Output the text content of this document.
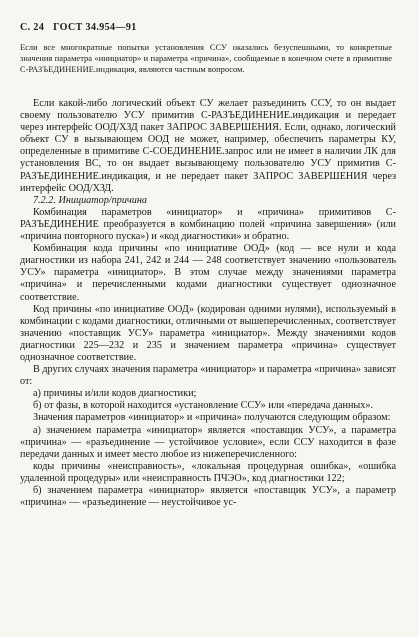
С. 24 ГОСТ 34.954—91

Если все многократные попытки установления ССУ оказались безуспешными, то конкретные значения параметра «инициатор» и параметра «причина», сообщаемые в конечном счете в примитиве С-РАЗЪЕДИНЕНИЕ.индикация, являются частным вопросом.

Если какой-либо логический объект СУ желает разъединить ССУ, то он выдает своему пользователю УСУ примитив С-РАЗЪЕДИНЕНИЕ.индикация и передает через интерфейс ООД/ХЗД пакет ЗАПРОС ЗАВЕРШЕНИЯ. Если, однако, логический объект СУ в вызывающем ООД не может, например, обеспечить параметры КУ, определенные в примитиве С-СОЕДИНЕНИЕ.запрос или не имеет в наличии ЛК для установления ВС, то он выдает вызывающему пользователю УСУ примитив С-РАЗЪЕДИНЕНИЕ.индикация, и не передает пакет ЗАПРОС ЗАВЕРШЕНИЯ через интерфейс ООД/ХЗД.

7.2.2. Инициатор/причина

Комбинация параметров «инициатор» и «причина» примитивов С-РАЗЪЕДИНЕНИЕ преобразуется в комбинацию полей «причина завершения» (или «причина повторного пуска») и «код диагностики» и обратно.

Комбинация кода причины «по инициативе ООД» (код — все нули и кода диагностики из набора 241, 242 и 244 — 248 соответствует значению «пользователь УСУ» параметра «инициатор». В этом случае между значениями параметра «причина» и перечисленными кодами диагностики существует однозначное соответствие.

Код причины «по инициативе ООД» (кодирован одними нулями), используемый в комбинации с кодами диагностики, отличными от вышеперечисленных, соответствует значению «поставщик УСУ» параметра «инициатор». Между значениями кодов диагностики 225—232 и 235 и значением параметра «причина» существует однозначное соответствие.

В других случаях значения параметра «инициатор» и параметра «причина» зависят от:

а) причины и/или кодов диагностики;

б) от фазы, в которой находится «установление ССУ» или «передача данных».

Значения параметров «инициатор» и «причина» получаются следующим образом:

а) значением параметра «инициатор» является «поставщик УСУ», а параметра «причина» — «разъединение — устойчивое условие», если ССУ находится в фазе передачи данных и имеет место любое из нижеперечисленного:

коды причины «неисправность», «локальная процедурная ошибка», «ошибка удаленной процедуры» или «неисправность ПЧЭО», код диагностики 122;

б) значением параметра «инициатор» является «поставщик УСУ», а параметр «причина» — «разъединение — неустойчивое ус-
